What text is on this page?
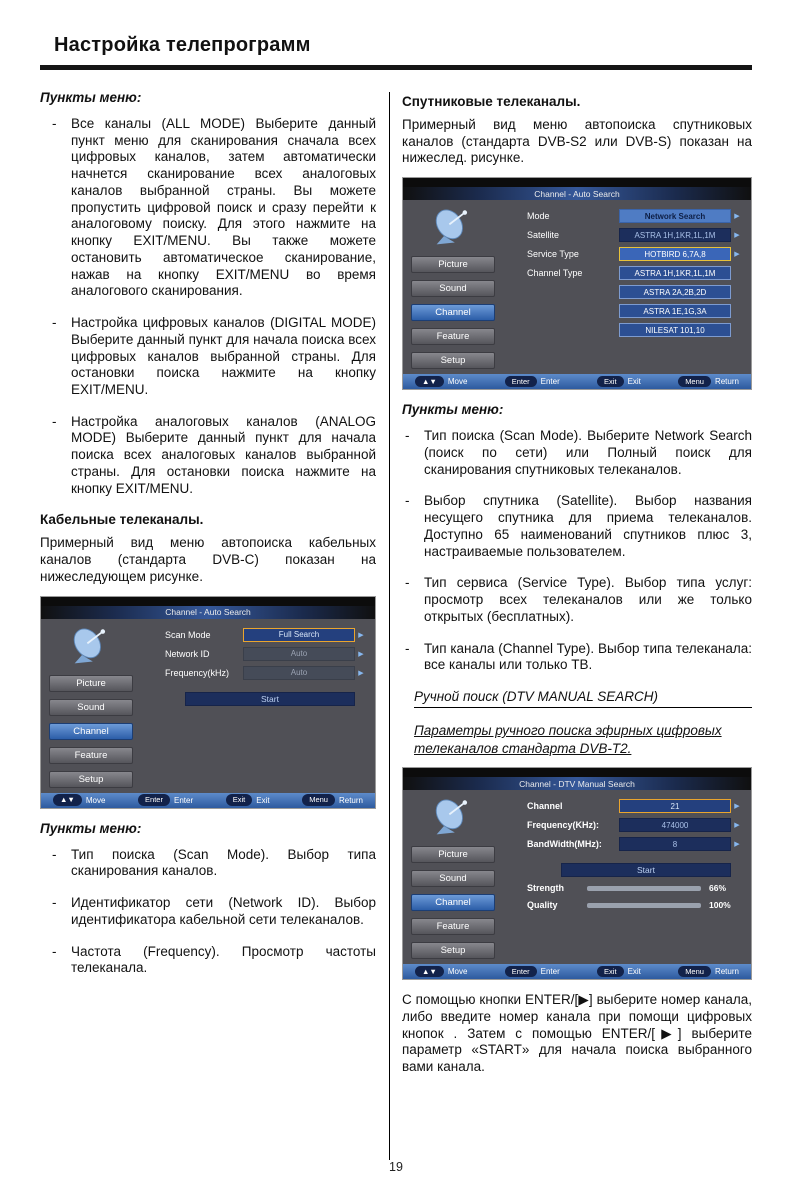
Настройка телепрограмм
Пункты меню:
-	Все каналы (ALL MODE) Выберите данный пункт меню для сканирования сначала всех цифровых каналов, затем автоматически начнется сканирование всех аналоговых каналов выбранной страны. Вы можете пропустить цифровой поиск и сразу перейти к аналоговому поиску. Для этого нажмите на кнопку EXIT/MENU. Вы также можете остановить автоматическое сканирование, нажав на кнопку EXIT/MENU во время аналогового сканирования.
-	Настройка цифровых каналов (DIGITAL MODE) Выберите данный пункт для начала поиска всех цифровых каналов выбранной страны. Для остановки поиска нажмите на кнопку EXIT/MENU.
-	Настройка аналоговых каналов (ANALOG MODE) Выберите данный пункт для начала поиска всех аналоговых каналов выбранной страны. Для остановки поиска нажмите на кнопку EXIT/MENU.
Кабельные телеканалы.

Примерный вид меню автопоиска кабельных каналов (стандарта DVB-C) показан на нижеследующем рисунке.

Channel - Auto Search
Picture
Sound
Channel
Feature
Setup
Scan Mode	Full Search	▶
Network ID	Auto	▶
Frequency(kHz)	Auto	▶
Start
▲▼	Move	Enter	Enter	Exit	Exit	Menu	Return
Пункты меню:
-	Тип поиска (Scan Mode). Выбор типа сканирования каналов.
-	Идентификатор сети (Network ID). Выбор идентификатора кабельной сети телеканалов.
-	Частота (Frequency). Просмотр частоты телеканала.
Спутниковые телеканалы.

Примерный вид меню автопоиска спутниковых каналов (стандарта DVB-S2 или DVB-S) показан на нижеслед. рисунке.

Channel - Auto Search
Picture
Sound
Channel
Feature
Setup
Mode	Network Search	▶
Satellite	ASTRA 1H,1KR,1L,1M	▶
Service Type	HOTBIRD 6,7A,8	▶
Channel Type	ASTRA 1H,1KR,1L,1M
ASTRA 2A,2B,2D
ASTRA 1E,1G,3A
NILESAT 101,10
▲▼	Move	Enter	Enter	Exit	Exit	Menu	Return
Пункты меню:
-	Тип поиска (Scan Mode). Выберите Network Search (поиск по сети) или Полный поиск для сканирования спутниковых телеканалов.
-	Выбор спутника (Satellite). Выбор названия несущего спутника для приема телеканалов. Доступно 65 наименований спутников плюс 3, настраиваемые пользователем.
-	Тип сервиса (Service Type). Выбор типа услуг: просмотр всех телеканалов или же только открытых (бесплатных).
-	Тип канала (Channel Type). Выбор типа телеканала: все каналы или только ТВ.
Ручной поиск (DTV MANUAL SEARCH)
Параметры ручного поиска эфирных цифровых телеканалов стандарта DVB-T2.
Channel - DTV Manual Search
Picture
Sound
Channel
Feature
Setup
Channel	21	▶
Frequency(KHz):	474000	▶
BandWidth(MHz):	8	▶
Start
Strength	66%
Quality	100%
▲▼	Move	Enter	Enter	Exit	Exit	Menu	Return

С помощью кнопки ENTER/[▶] выберите номер канала, либо введите номер канала при помощи цифровых кнопок . Затем с помощью ENTER/[▶] выберите параметр «START» для начала поиска выбранного вами канала.

19
